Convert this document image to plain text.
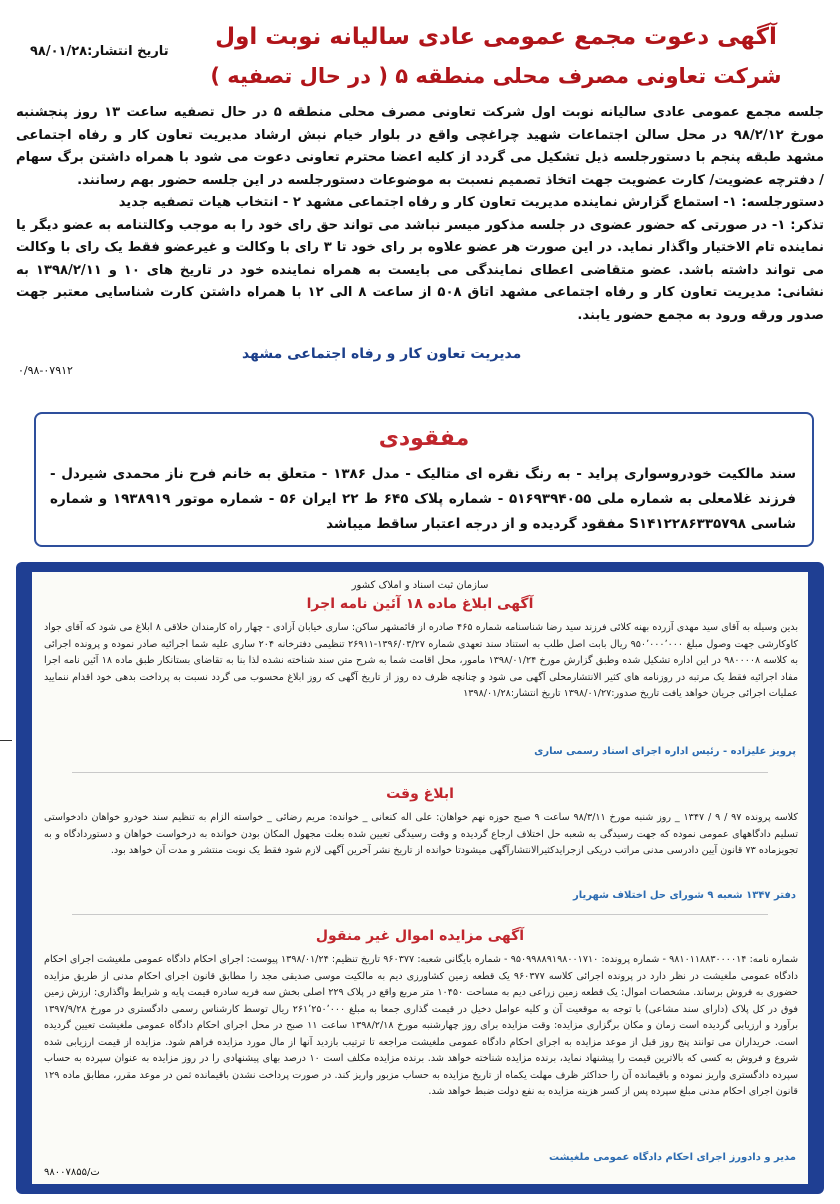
تاریخ انتشار:۹۸/۰۱/۲۸
آگهی دعوت مجمع عمومی عادی سالیانه نوبت اول
شرکت تعاونی مصرف محلی منطقه ۵ ( در حال تصفیه )

جلسه مجمع عمومی عادی سالیانه نوبت اول شرکت تعاونی مصرف محلی منطقه ۵ در حال تصفیه ساعت ۱۳ روز پنجشنبه مورخ ۹۸/۲/۱۲ در محل سالن اجتماعات شهید چراغچی واقع در بلوار خیام نبش ارشاد مدیریت تعاون کار و رفاه اجتماعی مشهد طبقه پنجم با دستورجلسه ذیل تشکیل می گردد از کلیه اعضا محترم تعاونی دعوت می شود با همراه داشتن برگ سهام / دفترچه عضویت/ کارت عضویت جهت اتخاذ تصمیم نسبت به موضوعات دستورجلسه در این جلسه حضور بهم رسانند.

دستورجلسه: ۱- استماع گزارش نماینده مدیریت تعاون کار و رفاه اجتماعی مشهد ۲ - انتخاب هیات تصفیه جدید

تذکر: ۱- در صورتی که حضور عضوی در جلسه مذکور میسر نباشد می تواند حق رای خود را به موجب وکالتنامه به عضو دیگر یا نماینده تام الاختیار واگذار نماید. در این صورت هر عضو علاوه بر رای خود تا ۳ رای با وکالت و غیرعضو فقط یک رای با وکالت می تواند داشته باشد. عضو متقاضی اعطای نمایندگی می بایست به همراه نماینده خود در تاریخ های ۱۰ و ۱۳۹۸/۲/۱۱ به نشانی: مدیریت تعاون کار و رفاه اجتماعی مشهد اتاق ۵۰۸ از ساعت ۸ الی ۱۲ با همراه داشتن کارت شناسایی معتبر جهت صدور ورقه ورود به مجمع حضور یابند.

مدیریت تعاون کار و رفاه اجتماعی مشهد
۰/۹۸-۰۷۹۱۲
مفقودی
سند مالکیت خودروسواری پراید - به رنگ نقره ای متالیک - مدل ۱۳۸۶ - متعلق به خانم فرح ناز محمدی شیردل - فرزند غلامعلی به شماره ملی ۵۱۶۹۳۹۴۰۵۵ - شماره پلاک ۶۴۵ ط ۲۲ ایران ۵۶ - شماره موتور ۱۹۳۸۹۱۹ و شماره شاسی S۱۴۱۲۲۸۶۳۳۵۷۹۸ مفقود گردیده و از درجه اعتبار ساقط میباشد
سازمان ثبت اسناد و املاک کشور
آگهی ابلاغ ماده ۱۸ آئین نامه اجرا
بدین وسیله به آقای سید مهدی آزرده بهنه کلائی فرزند سید رضا شناسنامه شماره ۴۶۵ صادره از قائمشهر ساکن: ساری خیابان آزادی - چهار راه کارمندان خلاقی ۸ ابلاغ می شود که آقای جواد کاوکارشی جهت وصول مبلغ ۹۵۰٬۰۰۰٬۰۰۰ ریال بابت اصل طلب به استناد سند تعهدی شماره ۱۳۹۶/۰۳/۲۷-۲۶۹۱۱ تنظیمی دفترخانه ۲۰۴ ساری علیه شما اجرائیه صادر نموده و پرونده اجرائی به کلاسه ۹۸۰۰۰۰۸ در این اداره تشکیل شده وطبق گزارش مورخ ۱۳۹۸/۰۱/۲۴ مامور، محل اقامت شما به شرح متن سند شناخته نشده لذا بنا به تقاضای بستانکار طبق ماده ۱۸ آئین نامه اجرا مفاد اجرائیه فقط یک مرتبه در روزنامه های کثیر الانتشارمحلی آگهی می شود و چنانچه ظرف ده روز از تاریخ آگهی که روز ابلاغ محسوب می گردد نسبت به پرداخت بدهی خود اقدام ننمایید عملیات اجرائی جریان خواهد یافت تاریخ صدور:۱۳۹۸/۰۱/۲۷ تاریخ انتشار:۱۳۹۸/۰۱/۲۸
پرویز علیزاده - رئیس اداره اجرای اسناد رسمی ساری
ابلاغ وقت
کلاسه پرونده ۹۷ / ۹ / ۱۳۴۷ _ روز شنبه مورخ ۹۸/۳/۱۱ ساعت ۹ صبح حوزه نهم خواهان: علی اله کنعانی _ خوانده: مریم رضائی _ خواسته الزام به تنظیم سند خودرو خواهان دادخواستی تسلیم دادگاههای عمومی نموده که جهت رسیدگی به شعبه حل اختلاف ارجاع گردیده و وقت رسیدگی تعیین شده بعلت مجهول المکان بودن خوانده به درخواست خواهان و دستوردادگاه و به تجویزماده ۷۳ قانون آیین دادرسی مدنی مراتب دریکی ازجرایدکثیرالانتشارآگهی میشودتا خوانده از تاریخ نشر آخرین آگهی لازم شود فقط یک نوبت منتشر و مدت آن خواهد بود.
دفتر ۱۳۴۷ شعبه ۹ شورای حل اختلاف شهریار
آگهی مزایده اموال غیر منقول
شماره نامه: ۹۸۱۰۱۱۸۸۳۰۰۰۰۱۴ - شماره پرونده: ۹۵۰۹۹۸۸۹۱۹۸۰۰۱۷۱۰ - شماره بایگانی شعبه: ۹۶۰۳۷۷ تاریخ تنظیم: ۱۳۹۸/۰۱/۲۴ پیوست: اجرای احکام دادگاه عمومی ملغیشت اجرای احکام دادگاه عمومی ملغیشت در نظر دارد در پرونده اجرائی کلاسه ۹۶۰۳۷۷ یک قطعه زمین کشاورزی دیم به مالکیت موسی صدیقی مجد را مطابق قانون اجرای احکام مدنی از طریق مزایده حضوری به فروش برساند. مشخصات اموال: یک قطعه زمین زراعی دیم به مساحت ۱۰۴۵۰ متر مربع واقع در پلاک ۲۲۹ اصلی بخش سه فریه سادره قیمت پایه و شرایط واگذاری: ارزش زمین فوق در کل پلاک (دارای سند مشاعی) با توجه به موقعیت آن و کلیه عوامل دخیل در قیمت گذاری جمعا به مبلغ ۲۶۱٬۲۵۰٬۰۰۰ ریال توسط کارشناس رسمی دادگستری در مورخ ۱۳۹۷/۹/۲۸ برآورد و ارزیابی گردیده است زمان و مکان برگزاری مزایده: وقت مزایده برای روز چهارشنبه مورخ ۱۳۹۸/۲/۱۸ ساعت ۱۱ صبح در محل اجرای احکام دادگاه عمومی ملغیشت تعیین گردیده است. خریداران می توانند پنج روز قبل از موعد مزایده به اجرای احکام دادگاه عمومی ملغیشت مراجعه تا ترتیب بازدید آنها از مال مورد مزایده فراهم شود. مزایده از قیمت ارزیابی شده شروع و فروش به کسی که بالاترین قیمت را پیشنهاد نماید، برنده مزایده شناخته خواهد شد. برنده مزایده مکلف است ۱۰ درصد بهای پیشنهادی را در روز مزایده به عنوان سپرده به حساب سپرده دادگستری واریز نموده و باقیمانده آن را حداکثر ظرف مهلت یکماه از تاریخ مزایده به حساب مزبور واریز کند. در صورت پرداخت نشدن باقیمانده ثمن در موعد مقرر، مطابق ماده ۱۲۹ قانون اجرای احکام مدنی مبلغ سپرده پس از کسر هزینه مزایده به نفع دولت ضبط خواهد شد.
مدیر و دادورز اجرای احکام دادگاه عمومی ملغیشت
ت/۹۸۰۰۷۸۵۵
